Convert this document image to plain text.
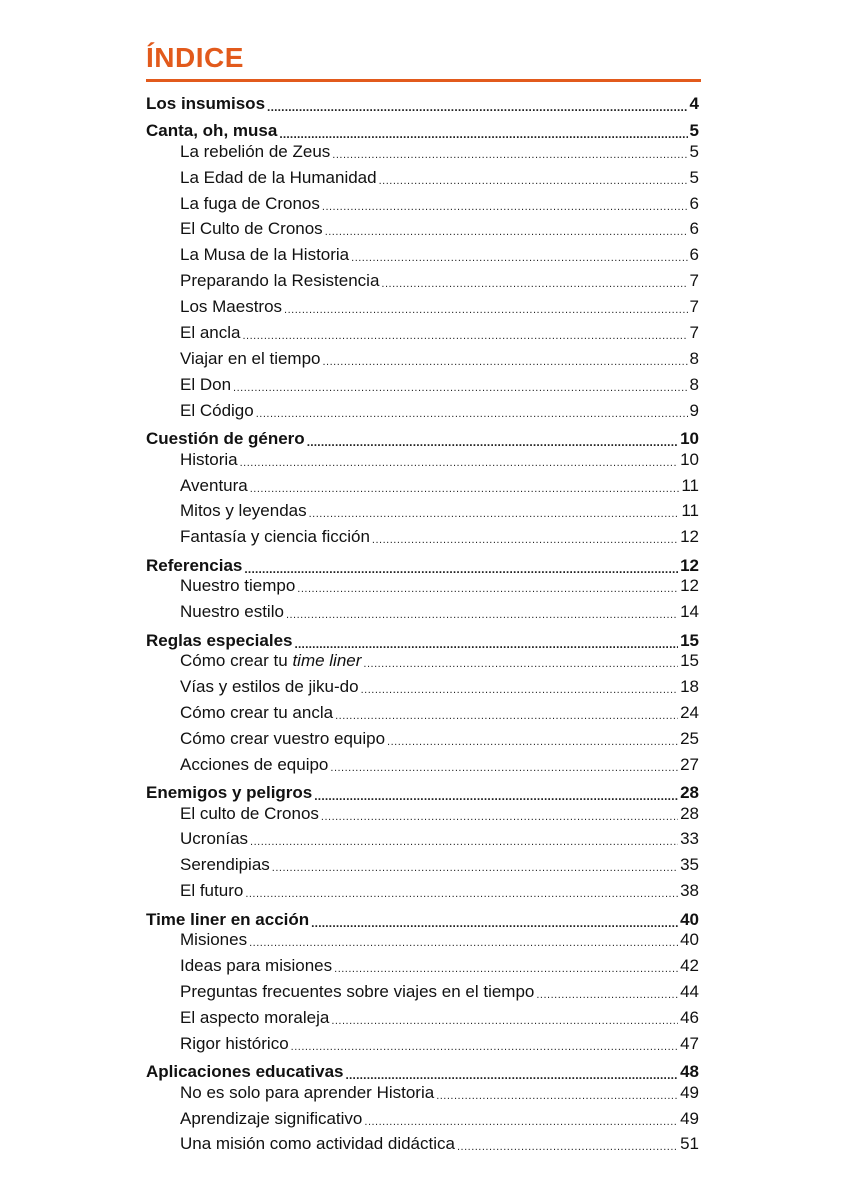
ÍNDICE
Los insumisos .....	4
Canta, oh, musa .....	5
La rebelión de Zeus .....	5
La Edad de la Humanidad .....	5
La fuga de Cronos .....	6
El Culto de Cronos .....	6
La Musa de la Historia .....	6
Preparando la Resistencia .....	7
Los Maestros .....	7
El ancla .....	7
Viajar en el tiempo .....	8
El Don .....	8
El Código .....	9
Cuestión de género .....	10
Historia .....	10
Aventura .....	11
Mitos y leyendas .....	11
Fantasía y ciencia ficción .....	12
Referencias .....	12
Nuestro tiempo .....	12
Nuestro estilo .....	14
Reglas especiales .....	15
Cómo crear tu time liner .....	15
Vías y estilos de jiku-do .....	18
Cómo crear tu ancla .....	24
Cómo crear vuestro equipo .....	25
Acciones de equipo .....	27
Enemigos y peligros .....	28
El culto de Cronos .....	28
Ucronías .....	33
Serendipias .....	35
El futuro .....	38
Time liner en acción .....	40
Misiones .....	40
Ideas para misiones .....	42
Preguntas frecuentes sobre viajes en el tiempo .....	44
El aspecto moraleja .....	46
Rigor histórico .....	47
Aplicaciones educativas .....	48
No es solo para aprender Historia .....	49
Aprendizaje significativo .....	49
Una misión como actividad didáctica .....	51
